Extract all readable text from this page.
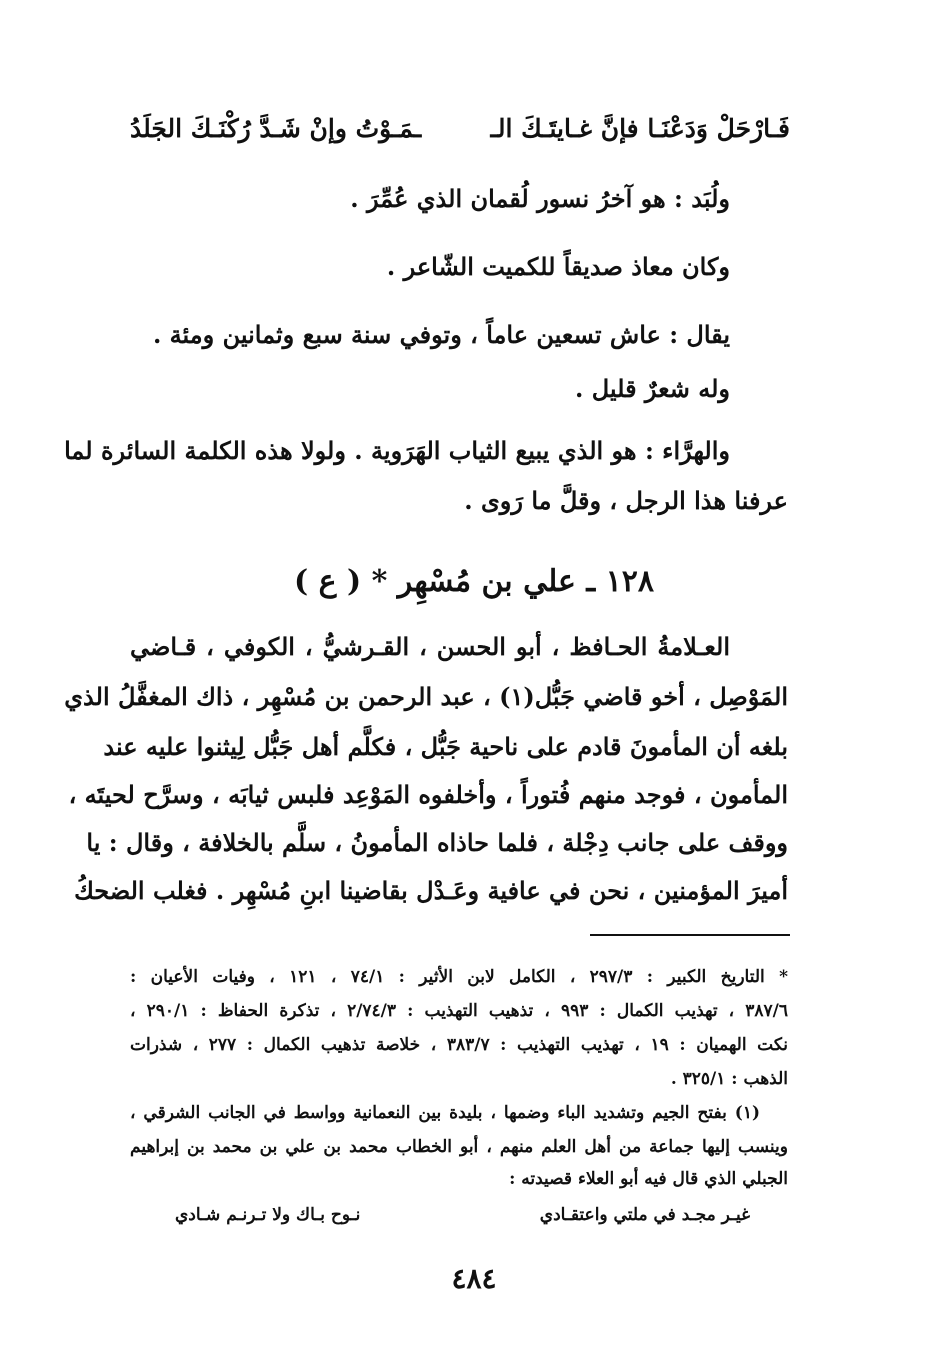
فَـارْحَلْ وَدَعْنَـا فإنَّ غـايتَـكَ الـ
ـمَـوْتُ وإنْ شَـدَّ رُكْنَـكَ الجَلَدُ
ولُبَد : هو آخرُ نسور لُقمان الذي عُمِّرَ .
وكان معاذ صديقاً للكميت الشّاعر .
يقال : عاش تسعين عاماً ، وتوفي سنة سبع وثمانين ومئة .
وله شعرٌ قليل .
والهرَّاء : هو الذي يبيع الثياب الهَرَوية . ولولا هذه الكلمة السائرة لما
عرفنا هذا الرجل ، وقلَّ ما رَوى .
١٢٨ ـ علي بن مُسْهِر * ( ع )
العـلامةُ الحـافظ ، أبو الحسن ، القـرشيُّ ، الكوفي ، قـاضي
المَوْصِل ، أخو قاضي جَبُّل(١) ، عبد الرحمن بن مُسْهِر ، ذاك المغفَّلُ الذي
بلغه أن المأمونَ قادم على ناحية جَبُّل ، فكلَّم أهل جَبُّل لِيثنوا عليه عند
المأمون ، فوجد منهم فُتوراً ، وأخلفوه المَوْعِد فلبس ثيابَه ، وسرَّح لحيتَه ،
ووقف على جانب دِجْلة ، فلما حاذاه المأمونُ ، سلَّم بالخلافة ، وقال : يا
أميرَ المؤمنين ، نحن في عافية وعَـدْل بقاضينا ابنِ مُسْهِر . فغلب الضحكُ
* التاريخ الكبير : ٢٩٧/٣ ، الكامل لابن الأثير : ٧٤/١ ، ١٢١ ، وفيات الأعيان :
٣٨٧/٦ ، تهذيب الكمال : ٩٩٣ ، تذهيب التهذيب : ٢/٧٤/٣ ، تذكرة الحفاظ : ٢٩٠/١ ،
نكت الهميان : ١٩ ، تهذيب التهذيب : ٣٨٣/٧ ، خلاصة تذهيب الكمال : ٢٧٧ ، شذرات
الذهب : ٣٢٥/١ .
(١) بفتح الجيم وتشديد الباء وضمها ، بليدة بين النعمانية وواسط في الجانب الشرقي ،
وينسب إليها جماعة من أهل العلم منهم ، أبو الخطاب محمد بن علي بن محمد بن إبراهيم
الجبلي الذي قال فيه أبو العلاء قصيدته :
غيـر مجـد في ملتي واعتقـادي
نـوح بـاك ولا تـرنـم شـادي
٤٨٤
